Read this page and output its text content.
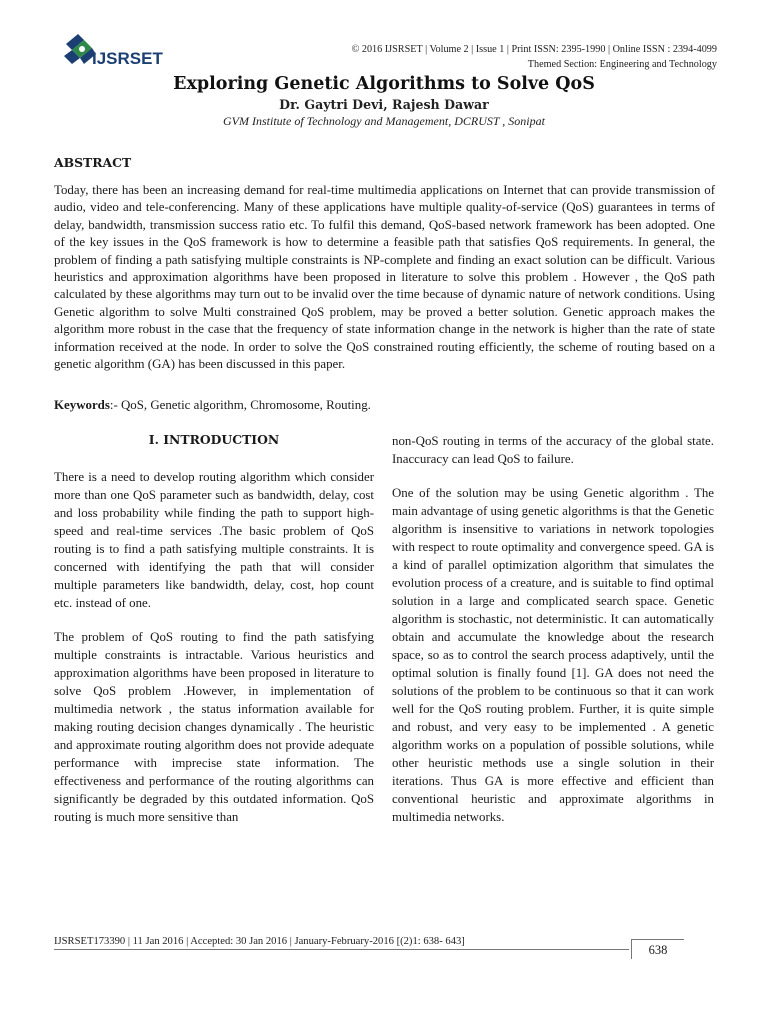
IJSRSET	© 2016 IJSRSET | Volume 2 | Issue 1 | Print ISSN: 2395-1990 | Online ISSN : 2394-4099
Themed Section: Engineering and Technology
Exploring Genetic Algorithms to Solve QoS
Dr. Gaytri Devi, Rajesh Dawar
GVM Institute of Technology and Management, DCRUST , Sonipat
ABSTRACT
Today, there has been an increasing demand for real-time multimedia applications on Internet that can provide transmission of audio, video and tele-conferencing. Many of these applications have multiple quality-of-service (QoS) guarantees in terms of delay, bandwidth, transmission success ratio etc. To fulfil this demand, QoS-based network framework has been adopted. One of the key issues in the QoS framework is how to determine a feasible path that satisfies QoS requirements. In general, the problem of finding a path satisfying multiple constraints is NP-complete and finding an exact solution can be difficult. Various heuristics and approximation algorithms have been proposed in literature to solve this problem . However , the QoS path calculated by these algorithms may turn out to be invalid over the time because of dynamic nature of network conditions. Using Genetic algorithm to solve Multi constrained QoS problem, may be proved a better solution. Genetic approach makes the algorithm more robust in the case that the frequency of state information change in the network is higher than the rate of state information received at the node. In order to solve the QoS constrained routing efficiently, the scheme of routing based on a genetic algorithm (GA) has been discussed in this paper.
Keywords:- QoS, Genetic algorithm, Chromosome, Routing.
I. INTRODUCTION

There is a need to develop routing algorithm which consider more than one QoS parameter such as bandwidth, delay, cost and loss probability while finding the path to support high-speed and real-time services .The basic problem of QoS routing is to find a path satisfying multiple constraints. It is concerned with identifying the path that will consider multiple parameters like bandwidth, delay, cost, hop count etc. instead of one.

The problem of QoS routing to find the path satisfying multiple constraints is intractable. Various heuristics and approximation algorithms have been proposed in literature to solve QoS problem .However, in implementation of multimedia network , the status information available for making routing decision changes dynamically . The heuristic and approximate routing algorithm does not provide adequate performance with imprecise state information. The effectiveness and performance of the routing algorithms can significantly be degraded by this outdated information. QoS routing is much more sensitive than

non-QoS routing in terms of the accuracy of the global state. Inaccuracy can lead QoS to failure.

One of the solution may be using Genetic algorithm . The main advantage of using genetic algorithms is that the Genetic algorithm is insensitive to variations in network topologies with respect to route optimality and convergence speed. GA is a kind of parallel optimization algorithm that simulates the evolution process of a creature, and is suitable to find optimal solution in a large and complicated search space. Genetic algorithm is stochastic, not deterministic. It can automatically obtain and accumulate the knowledge about the research space, so as to control the search process adaptively, until the optimal solution is finally found [1]. GA does not need the solutions of the problem to be continuous so that it can work well for the QoS routing problem. Further, it is quite simple and robust, and very easy to be implemented . A genetic algorithm works on a population of possible solutions, while other heuristic methods use a single solution in their iterations. Thus GA is more effective and efficient than conventional heuristic and approximate algorithms in multimedia networks.

IJSRSET173390 | 11 Jan 2016 | Accepted: 30 Jan 2016 | January-February-2016 [(2)1: 638- 643]
638
